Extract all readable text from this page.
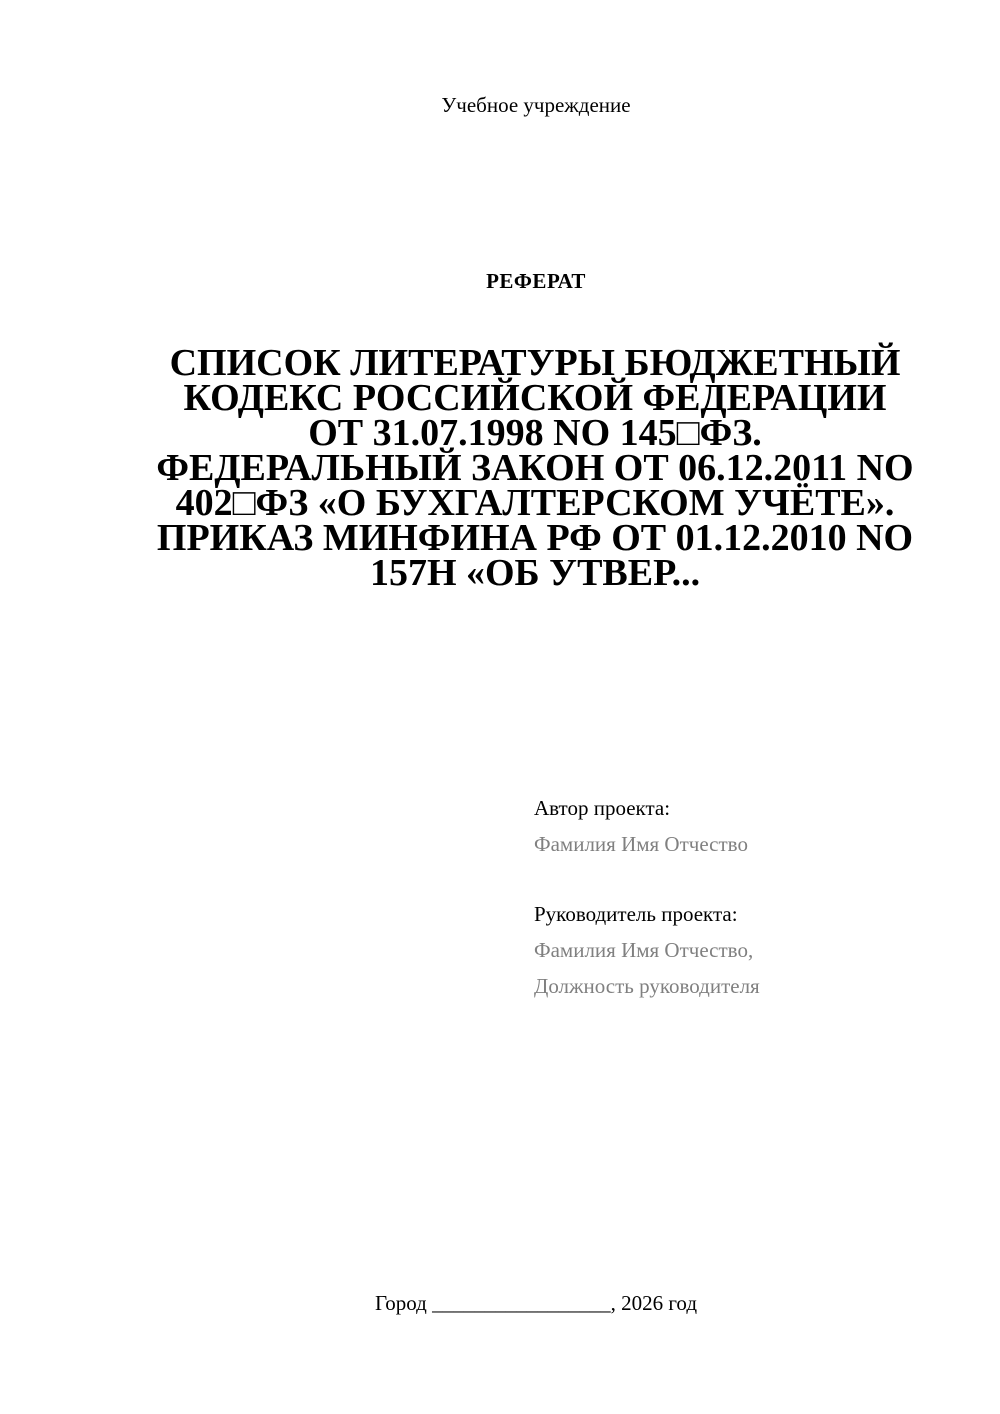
Учебное учреждение
РЕФЕРАТ
СПИСОК ЛИТЕРАТУРЫ БЮДЖЕТНЫЙ
КОДЕКС РОССИЙСКОЙ ФЕДЕРАЦИИ
ОТ 31.07.1998 NO 145□ФЗ.
ФЕДЕРАЛЬНЫЙ ЗАКОН ОТ 06.12.2011 NO
402□ФЗ «О БУХГАЛТЕРСКОМ УЧЁТЕ».
ПРИКАЗ МИНФИНА РФ ОТ 01.12.2010 NO
157Н «ОБ УТВЕР...
Автор проекта:
Фамилия Имя Отчество
Руководитель проекта:
Фамилия Имя Отчество,
Должность руководителя
Город _________________, 2026 год
